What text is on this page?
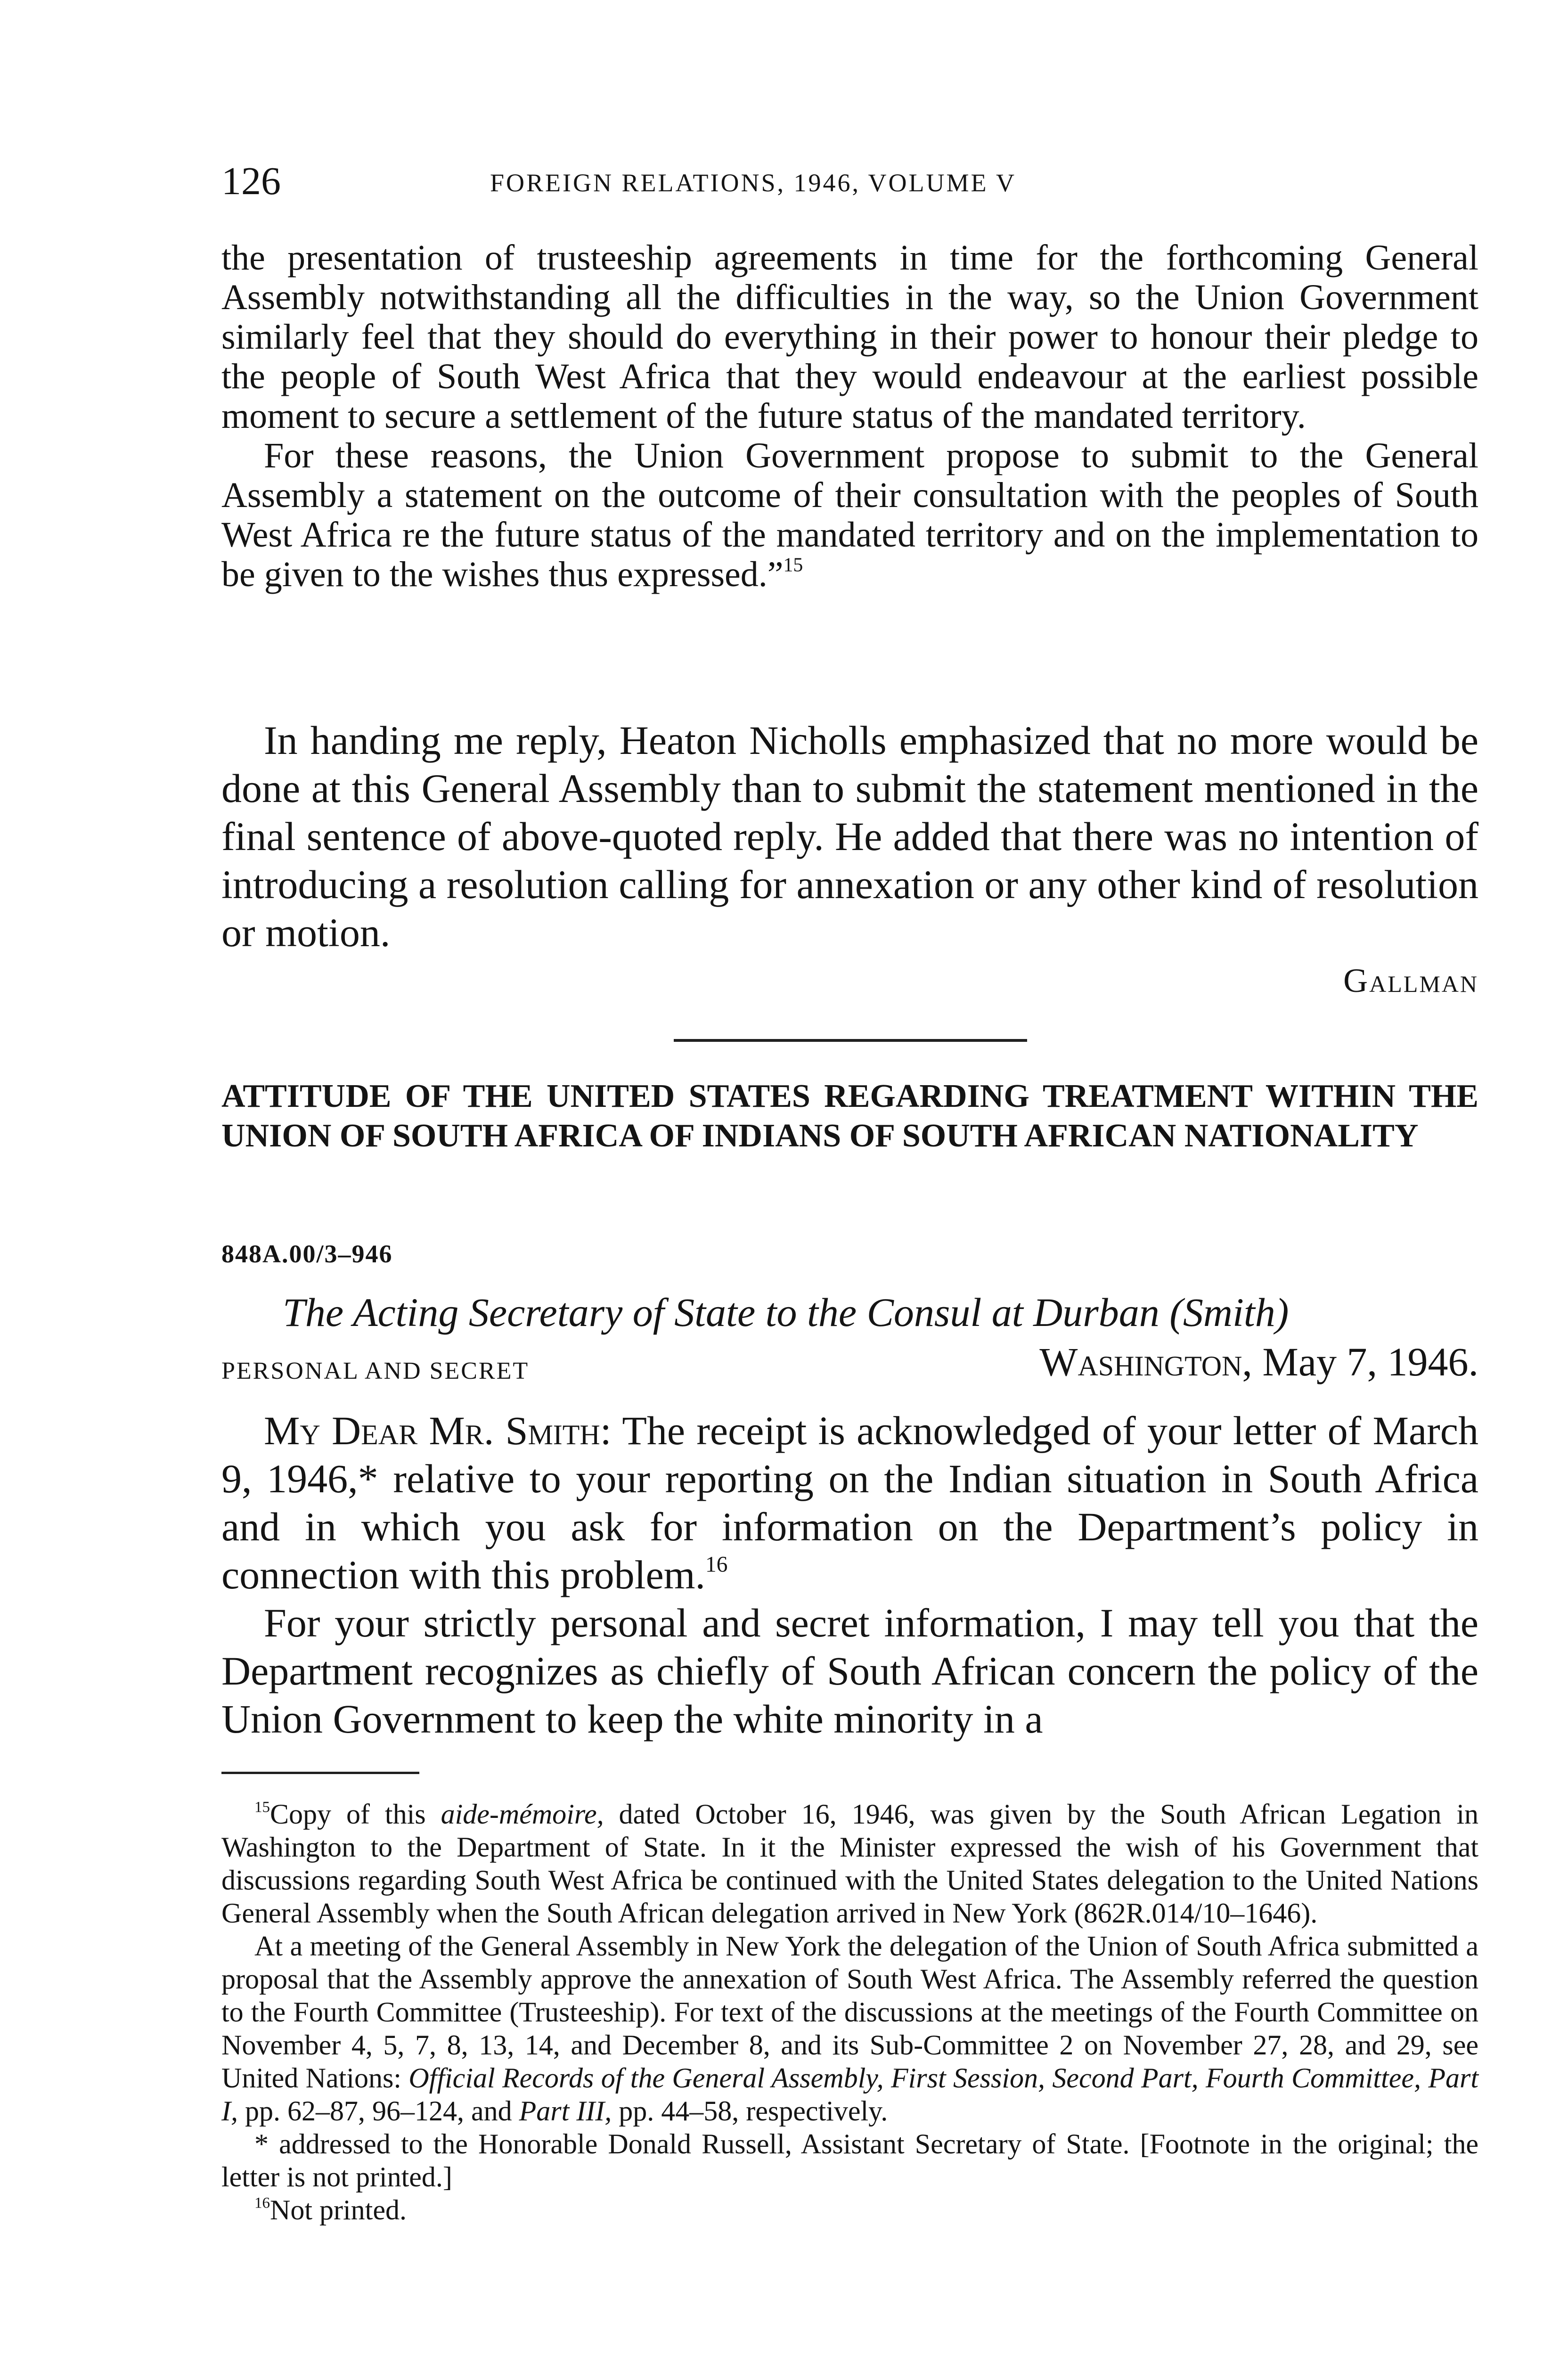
126	FOREIGN RELATIONS, 1946, VOLUME V

the presentation of trusteeship agreements in time for the forthcoming General Assembly notwithstanding all the difficulties in the way, so the Union Government similarly feel that they should do everything in their power to honour their pledge to the people of South West Africa that they would endeavour at the earliest possible moment to secure a settlement of the future status of the mandated territory.

For these reasons, the Union Government propose to submit to the General Assembly a statement on the outcome of their consultation with the peoples of South West Africa re the future status of the mandated territory and on the implementation to be given to the wishes thus expressed.”$^{15}$

In handing me reply, Heaton Nicholls emphasized that no more would be done at this General Assembly than to submit the statement mentioned in the final sentence of above-quoted reply. He added that there was no intention of introducing a resolution calling for annexation or any other kind of resolution or motion.

Gallman
ATTITUDE OF THE UNITED STATES REGARDING TREATMENT WITHIN THE UNION OF SOUTH AFRICA OF INDIANS OF SOUTH AFRICAN NATIONALITY
848A.00/3–946
The Acting Secretary of State to the Consul at Durban (Smith)
PERSONAL AND SECRET	Washington, May 7, 1946.

My Dear Mr. Smith: The receipt is acknowledged of your letter of March 9, 1946,* relative to your reporting on the Indian situation in South Africa and in which you ask for information on the Department’s policy in connection with this problem.$^{16}$

For your strictly personal and secret information, I may tell you that the Department recognizes as chiefly of South African concern the policy of the Union Government to keep the white minority in a

$^{15}$Copy of this aide-mémoire, dated October 16, 1946, was given by the South African Legation in Washington to the Department of State. In it the Minister expressed the wish of his Government that discussions regarding South West Africa be continued with the United States delegation to the United Nations General Assembly when the South African delegation arrived in New York (862R.014/10–1646).

At a meeting of the General Assembly in New York the delegation of the Union of South Africa submitted a proposal that the Assembly approve the annexation of South West Africa. The Assembly referred the question to the Fourth Committee (Trusteeship). For text of the discussions at the meetings of the Fourth Committee on November 4, 5, 7, 8, 13, 14, and December 8, and its Sub-Committee 2 on November 27, 28, and 29, see United Nations: Official Records of the General Assembly, First Session, Second Part, Fourth Committee, Part I, pp. 62–87, 96–124, and Part III, pp. 44–58, respectively.

* addressed to the Honorable Donald Russell, Assistant Secretary of State. [Footnote in the original; the letter is not printed.]

$^{16}$Not printed.
